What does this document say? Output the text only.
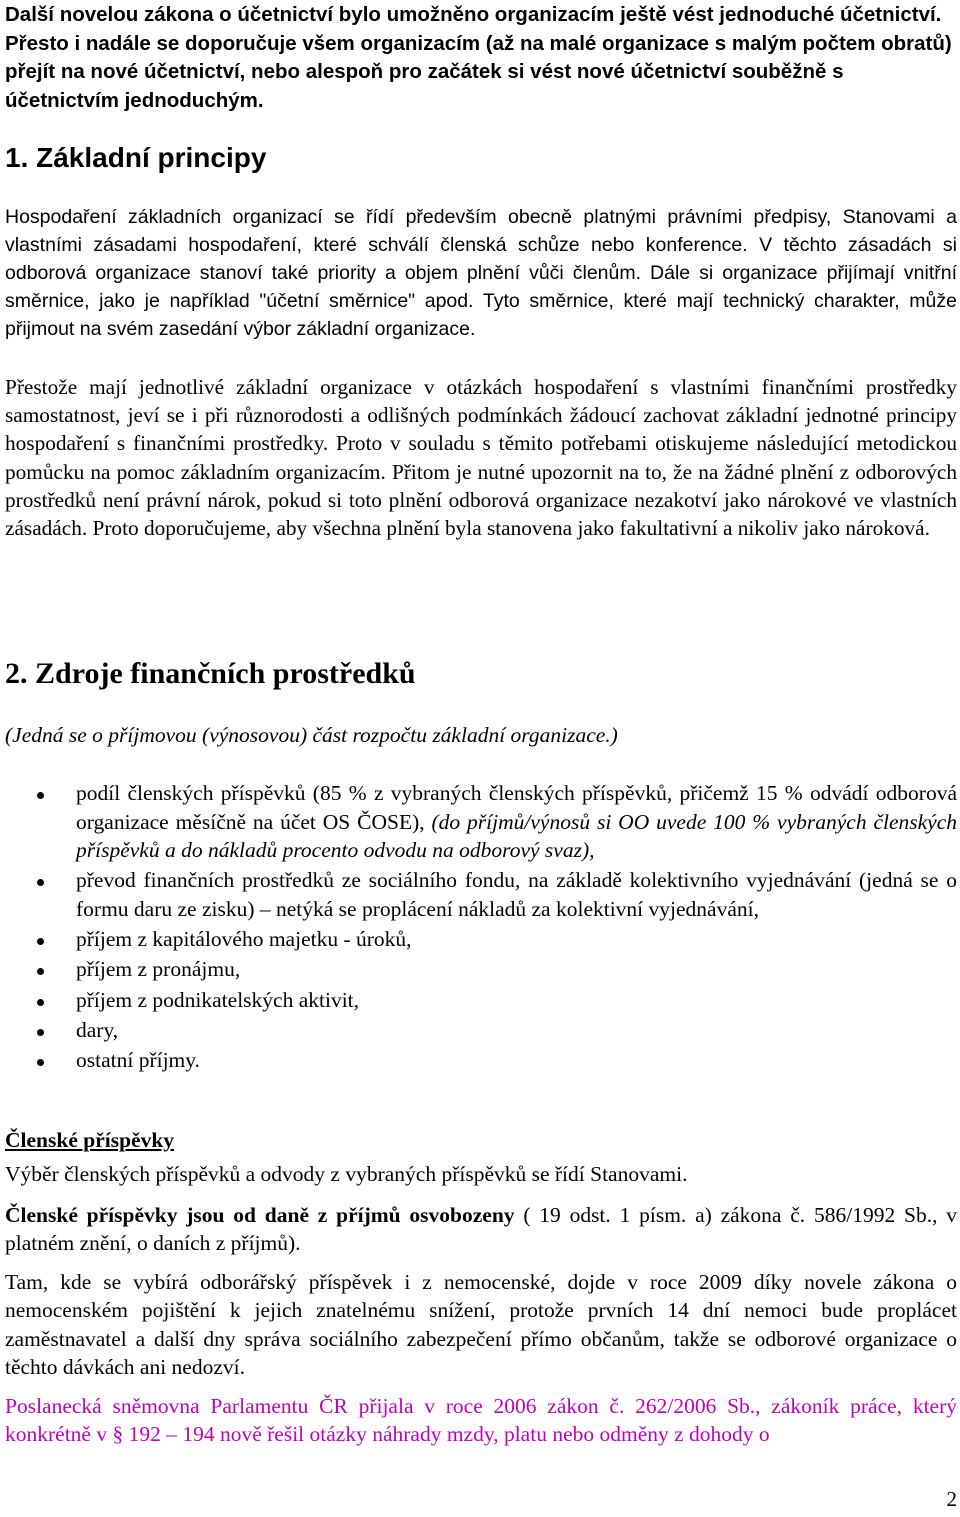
Další novelou zákona o účetnictví bylo umožněno organizacím ještě vést jednoduché účetnictví. Přesto i nadále se doporučuje všem organizacím (až na malé organizace s malým počtem obratů) přejít na nové účetnictví, nebo alespoň pro začátek si vést nové účetnictví souběžně s účetnictvím jednoduchým.

1. Základní principy

Hospodaření základních organizací se řídí především obecně platnými právními předpisy, Stanovami a vlastními zásadami hospodaření, které schválí členská schůze nebo konference. V těchto zásadách si odborová organizace stanoví také priority a objem plnění vůči členům. Dále si organizace přijímají vnitřní směrnice, jako je například "účetní směrnice" apod. Tyto směrnice, které mají technický charakter, může přijmout na svém zasedání výbor základní organizace.

Přestože mají jednotlivé základní organizace v otázkách hospodaření s vlastními finančními prostředky samostatnost, jeví se i při různorodosti a odlišných podmínkách žádoucí zachovat základní jednotné principy hospodaření s finančními prostředky. Proto v souladu s těmito potřebami otiskujeme následující metodickou pomůcku na pomoc základním organizacím. Přitom je nutné upozornit na to, že na žádné plnění z odborových prostředků není právní nárok, pokud si toto plnění odborová organizace nezakotví jako nárokové ve vlastních zásadách. Proto doporučujeme, aby všechna plnění byla stanovena jako fakultativní a nikoliv jako nároková.

2. Zdroje finančních prostředků

(Jedná se o příjmovou (výnosovou) část rozpočtu základní organizace.)

podíl členských příspěvků (85 % z vybraných členských příspěvků, přičemž 15 % odvádí odborová organizace měsíčně na účet OS ČOSE), (do příjmů/výnosů si OO uvede 100 % vybraných členských příspěvků a do nákladů procento odvodu na odborový svaz),
převod finančních prostředků ze sociálního fondu, na základě kolektivního vyjednávání (jedná se o formu daru ze zisku) – netýká se proplácení nákladů za kolektivní vyjednávání,
příjem z kapitálového majetku - úroků,
příjem z pronájmu,
příjem z podnikatelských aktivit,
dary,
ostatní příjmy.
Členské příspěvky

Výběr členských příspěvků a odvody z vybraných příspěvků se řídí Stanovami.

Členské příspěvky jsou od daně z příjmů osvobozeny ( 19 odst. 1 písm. a) zákona č. 586/1992 Sb., v platném znění, o daních z příjmů).

Tam, kde se vybírá odborářský příspěvek i z nemocenské, dojde v roce 2009 díky novele zákona o nemocenském pojištění k jejich znatelnému snížení, protože prvních 14 dní nemoci bude proplácet zaměstnavatel a další dny správa sociálního zabezpečení přímo občanům, takže se odborové organizace o těchto dávkách ani nedozví.

Poslanecká sněmovna Parlamentu ČR přijala v roce 2006 zákon č. 262/2006 Sb., zákoník práce, který konkrétně v § 192 – 194 nově řešil otázky náhrady mzdy, platu nebo odměny z dohody o

2
